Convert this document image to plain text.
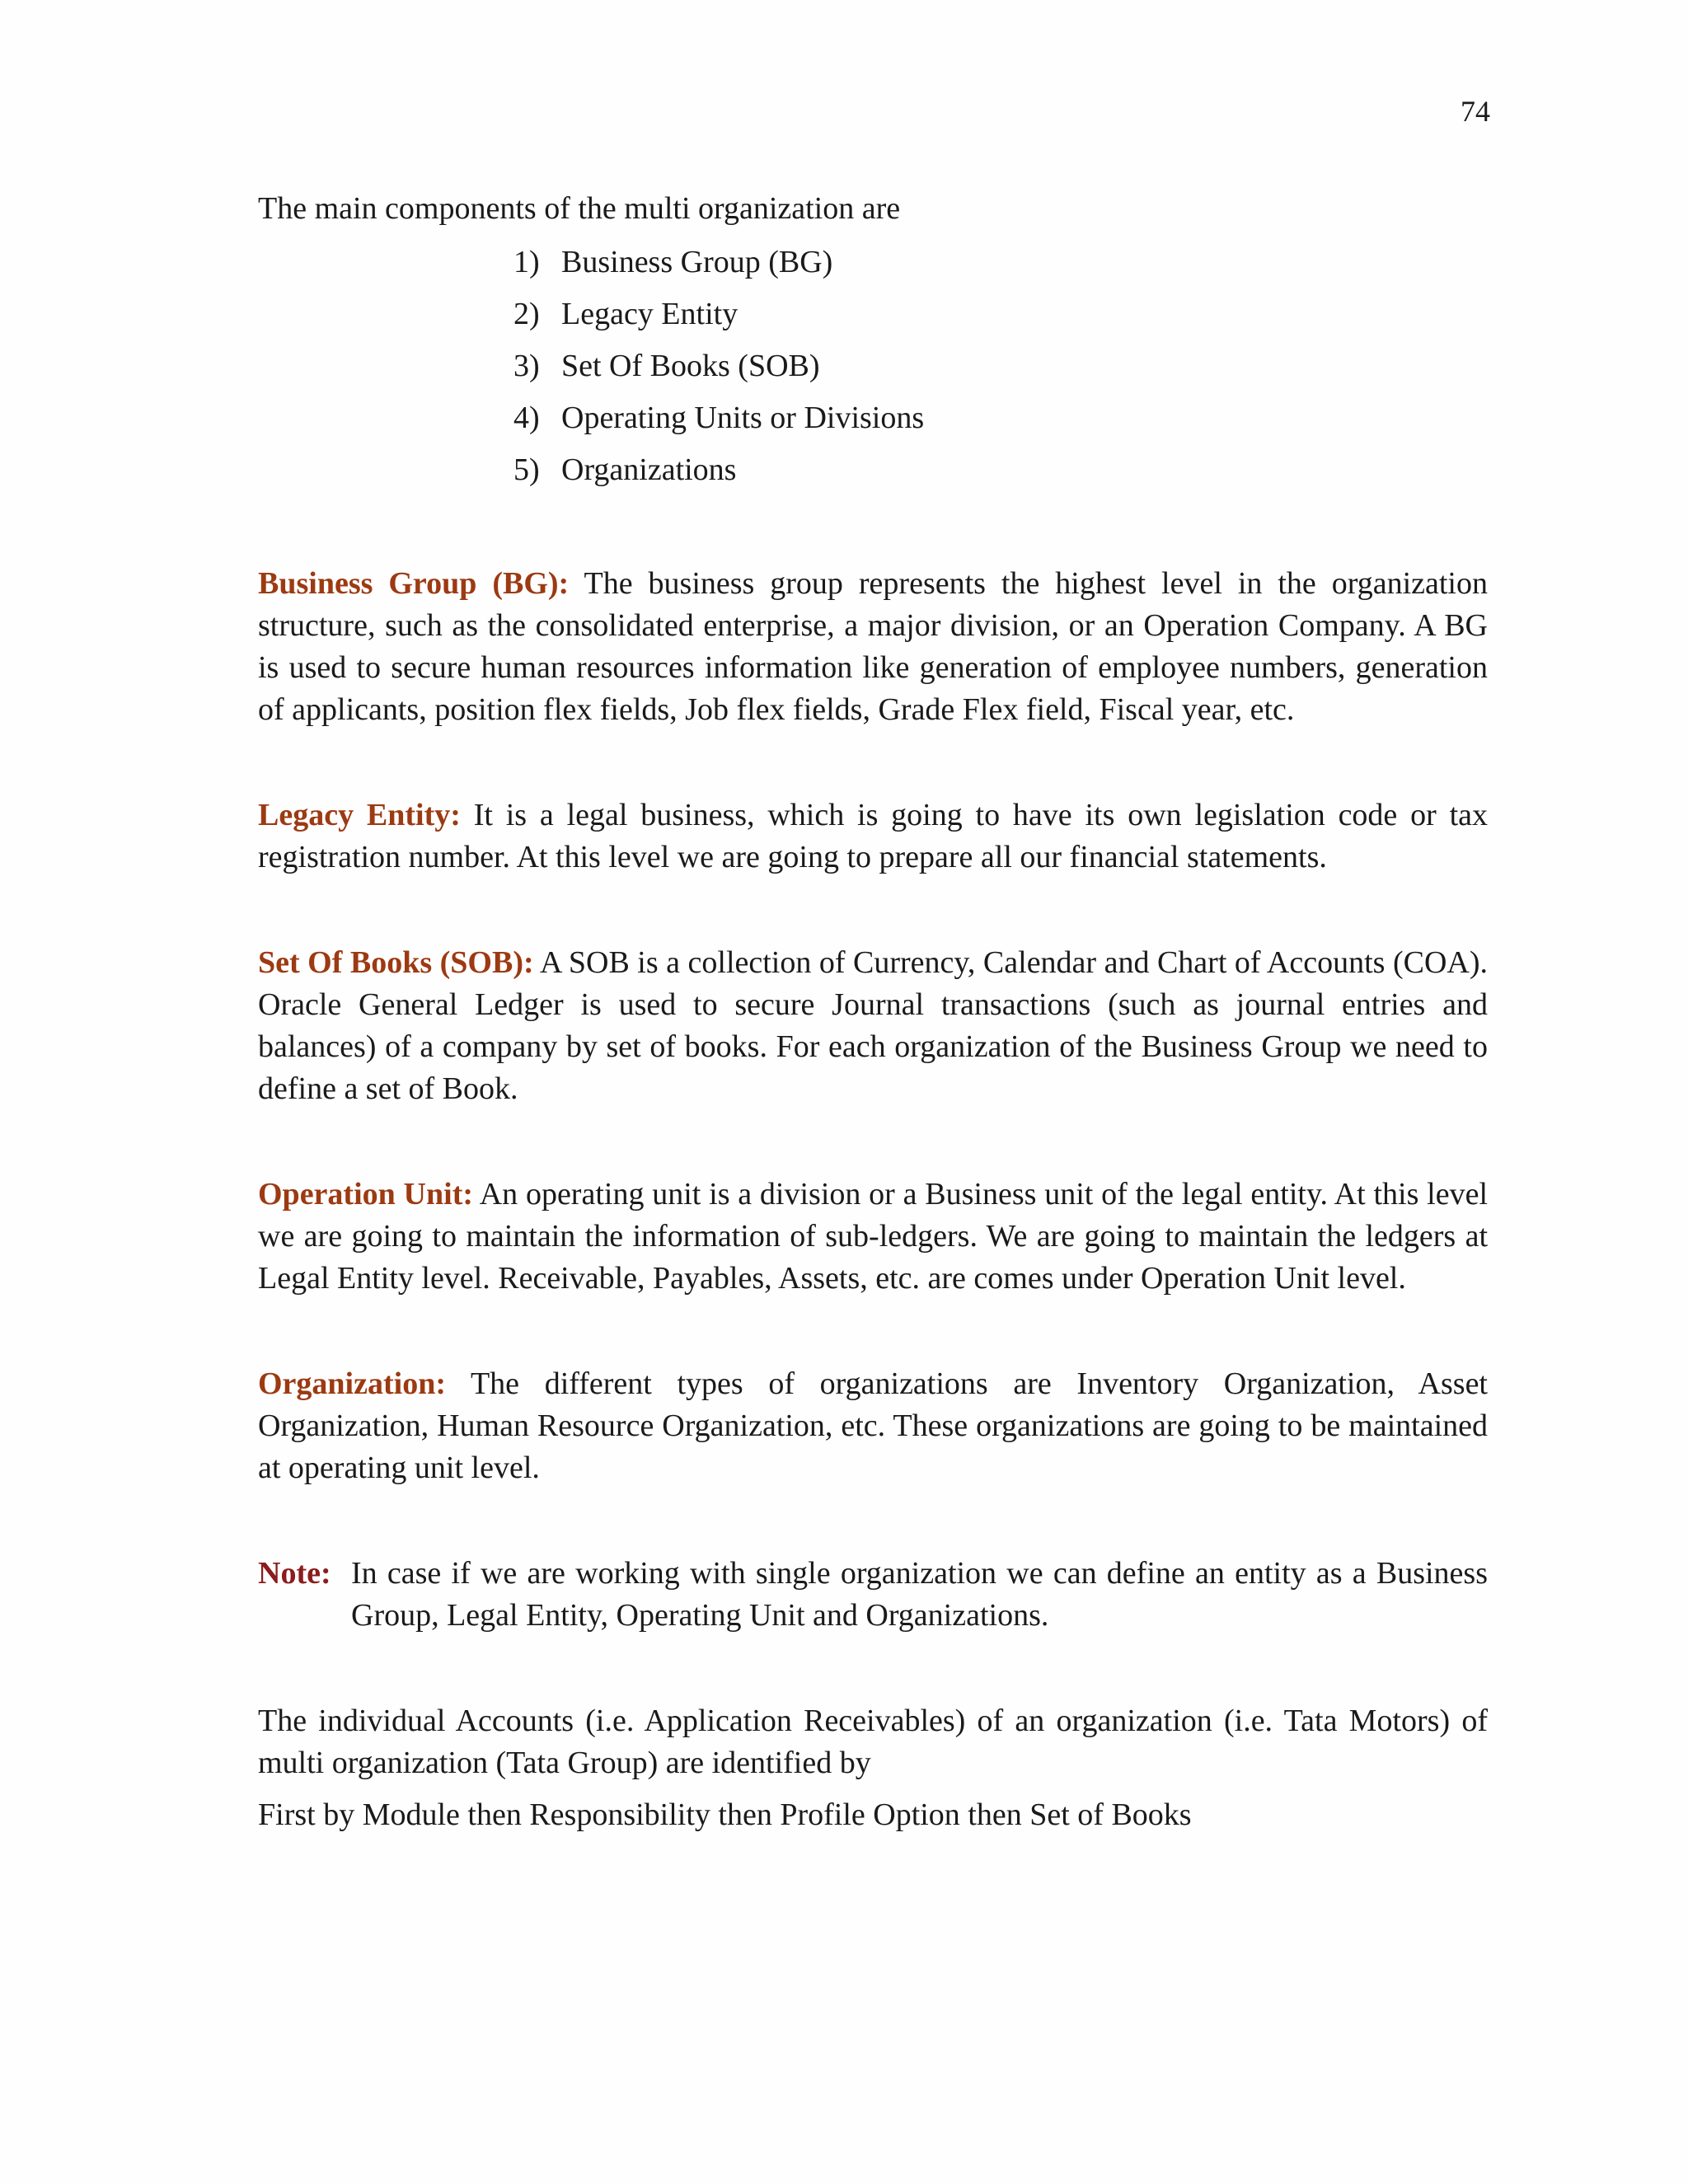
74

The main components of the multi organization are

1) Business Group (BG)
2) Legacy Entity
3) Set Of Books (SOB)
4) Operating Units or Divisions
5) Organizations

Business Group (BG): The business group represents the highest level in the organization structure, such as the consolidated enterprise, a major division, or an Operation Company. A BG is used to secure human resources information like generation of employee numbers, generation of applicants, position flex fields, Job flex fields, Grade Flex field, Fiscal year, etc.

Legacy Entity: It is a legal business, which is going to have its own legislation code or tax registration number. At this level we are going to prepare all our financial statements.

Set Of Books (SOB): A SOB is a collection of Currency, Calendar and Chart of Accounts (COA). Oracle General Ledger is used to secure Journal transactions (such as journal entries and balances) of a company by set of books. For each organization of the Business Group we need to define a set of Book.

Operation Unit: An operating unit is a division or a Business unit of the legal entity. At this level we are going to maintain the information of sub-ledgers. We are going to maintain the ledgers at Legal Entity level. Receivable, Payables, Assets, etc. are comes under Operation Unit level.

Organization: The different types of organizations are Inventory Organization, Asset Organization, Human Resource Organization, etc. These organizations are going to be maintained at operating unit level.

Note: In case if we are working with single organization we can define an entity as a Business Group, Legal Entity, Operating Unit and Organizations.

The individual Accounts (i.e. Application Receivables) of an organization (i.e. Tata Motors) of multi organization (Tata Group) are identified by

First by Module then Responsibility then Profile Option then Set of Books
